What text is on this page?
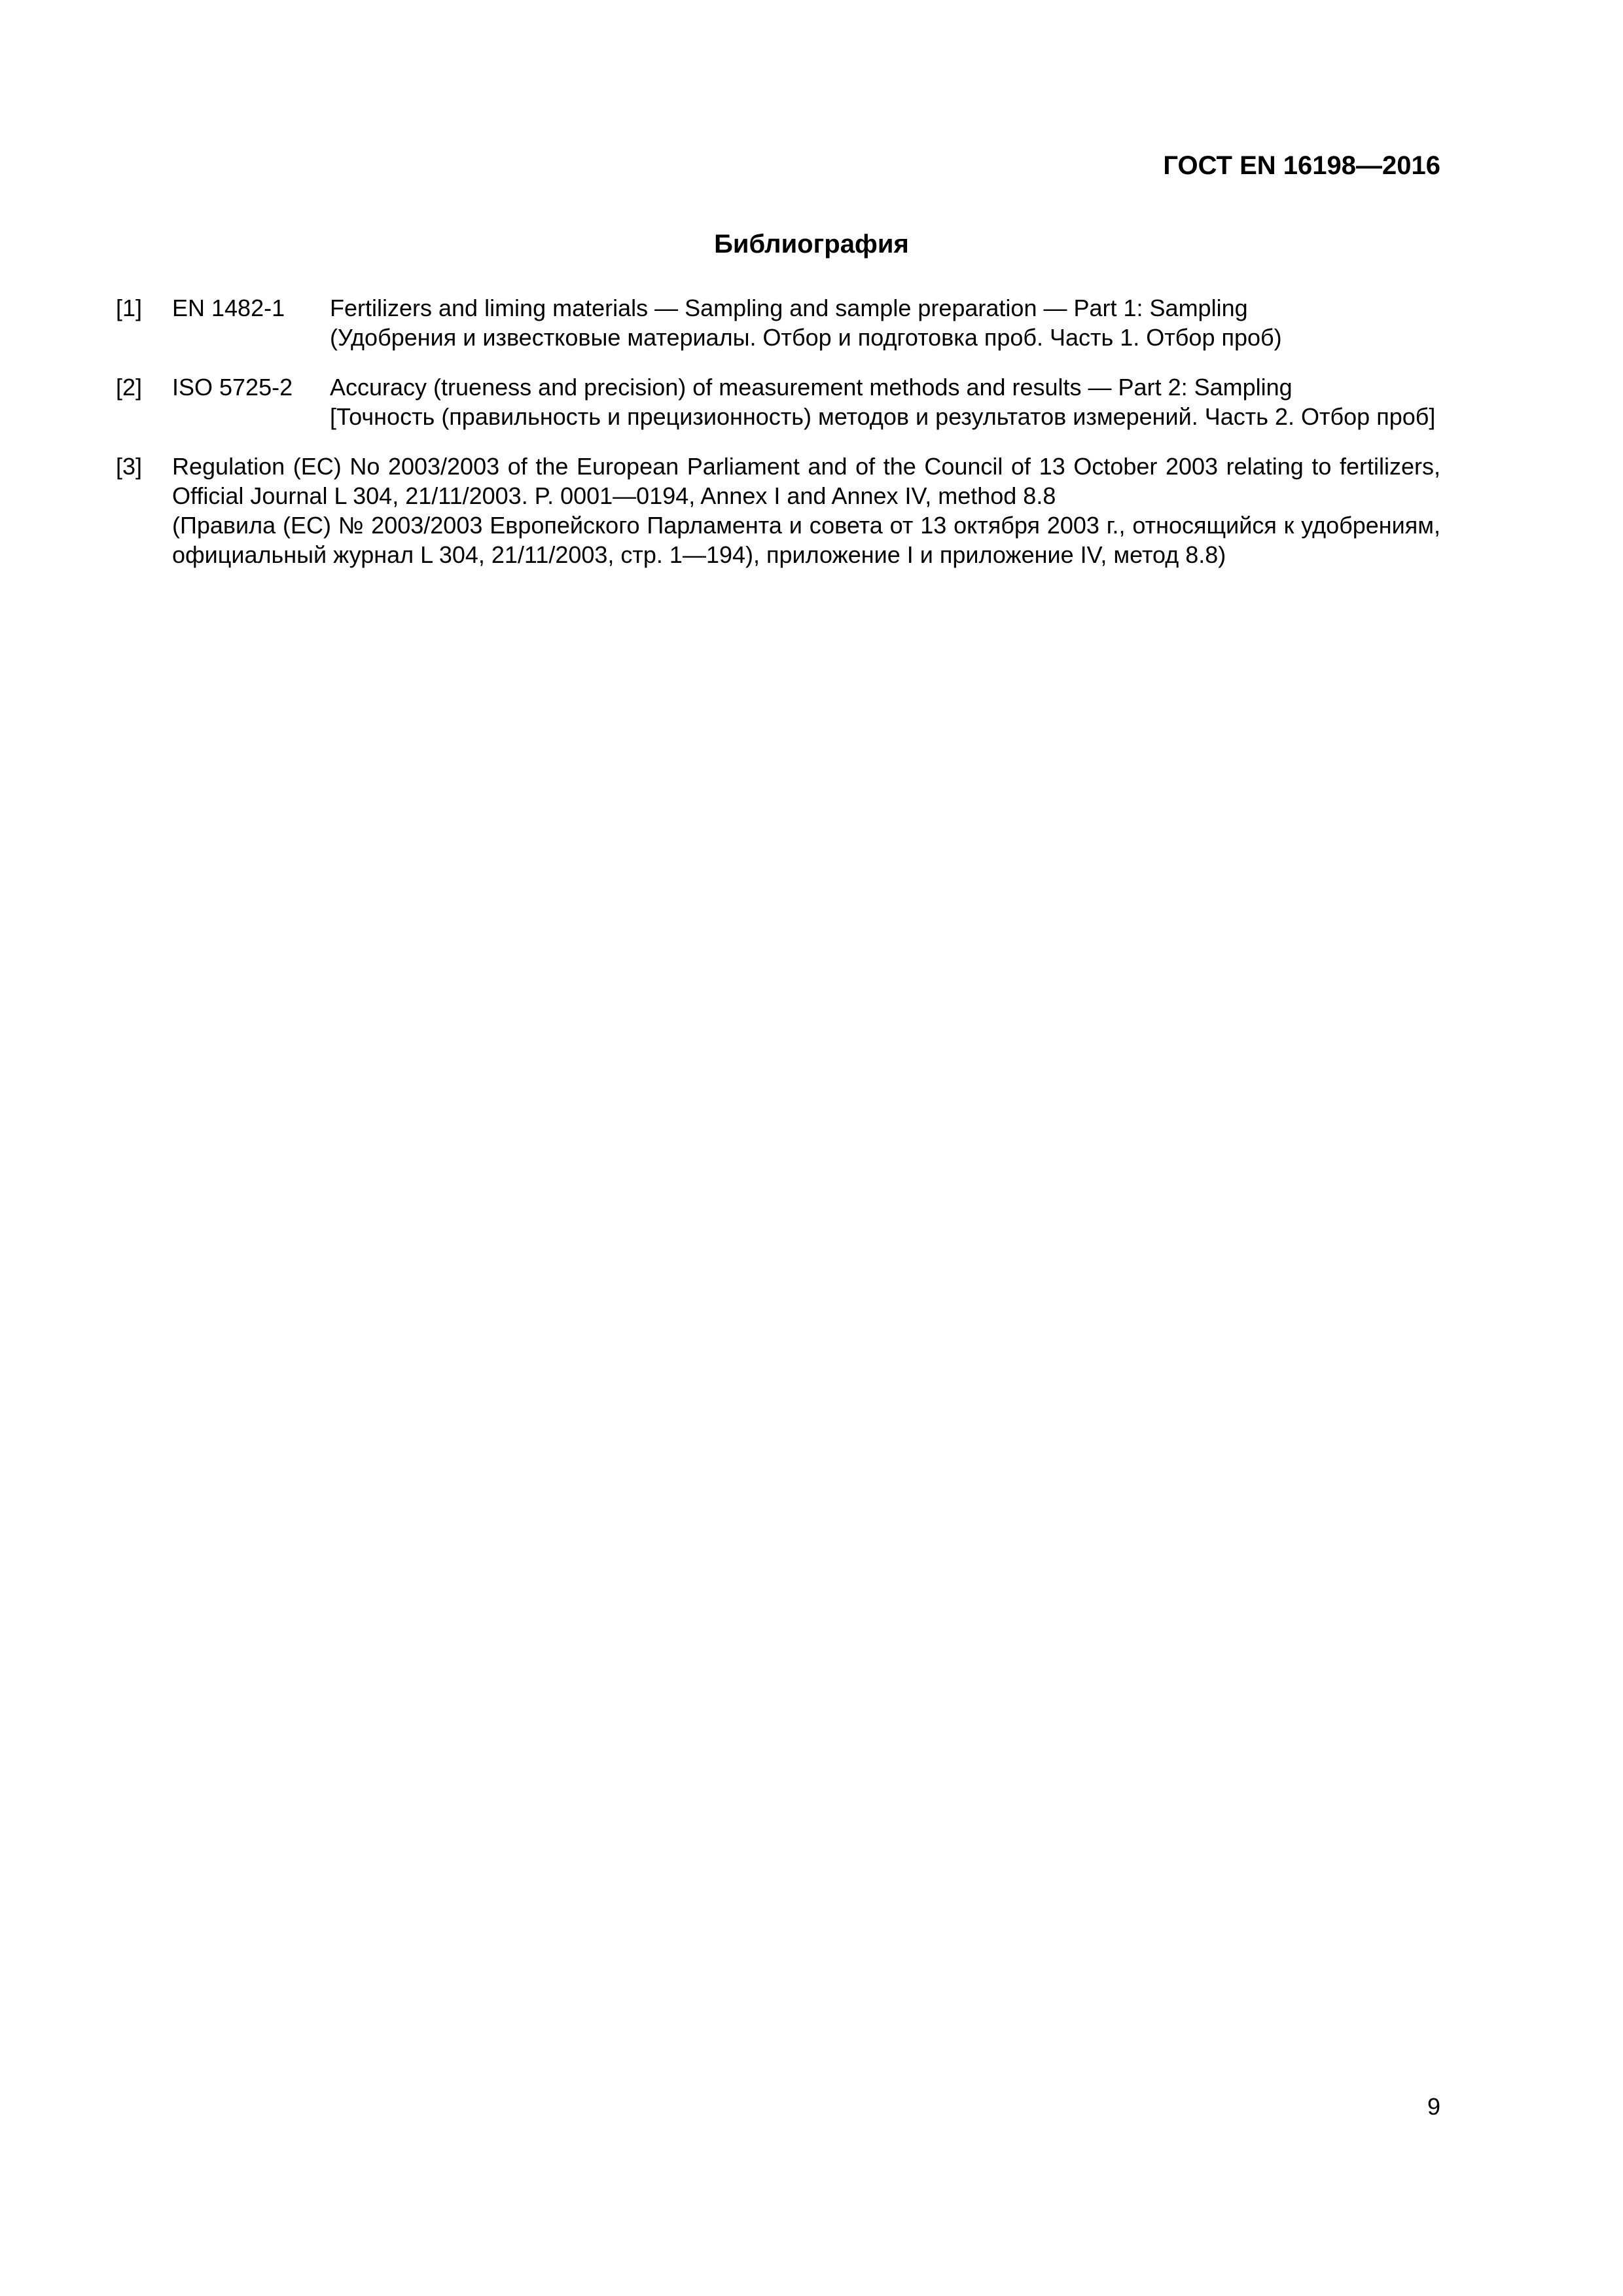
ГОСТ EN 16198—2016
Библиография
[1] EN 1482-1 Fertilizers and liming materials — Sampling and sample preparation — Part 1: Sampling
(Удобрения и известковые материалы. Отбор и подготовка проб. Часть 1. Отбор проб)
[2] ISO 5725-2 Accuracy (trueness and precision) of measurement methods and results — Part 2: Sampling
[Точность (правильность и прецизионность) методов и результатов измерений. Часть 2. Отбор проб]
[3] Regulation (EC) No 2003/2003 of the European Parliament and of the Council of 13 October 2003 relating to fertilizers, Official Journal L 304, 21/11/2003. P. 0001—0194, Annex I and Annex IV, method 8.8
(Правила (ЕС) № 2003/2003 Европейского Парламента и совета от 13 октября 2003 г., относящийся к удобрениям, официальный журнал L 304, 21/11/2003, стр. 1—194), приложение I и приложение IV, метод 8.8)
9
